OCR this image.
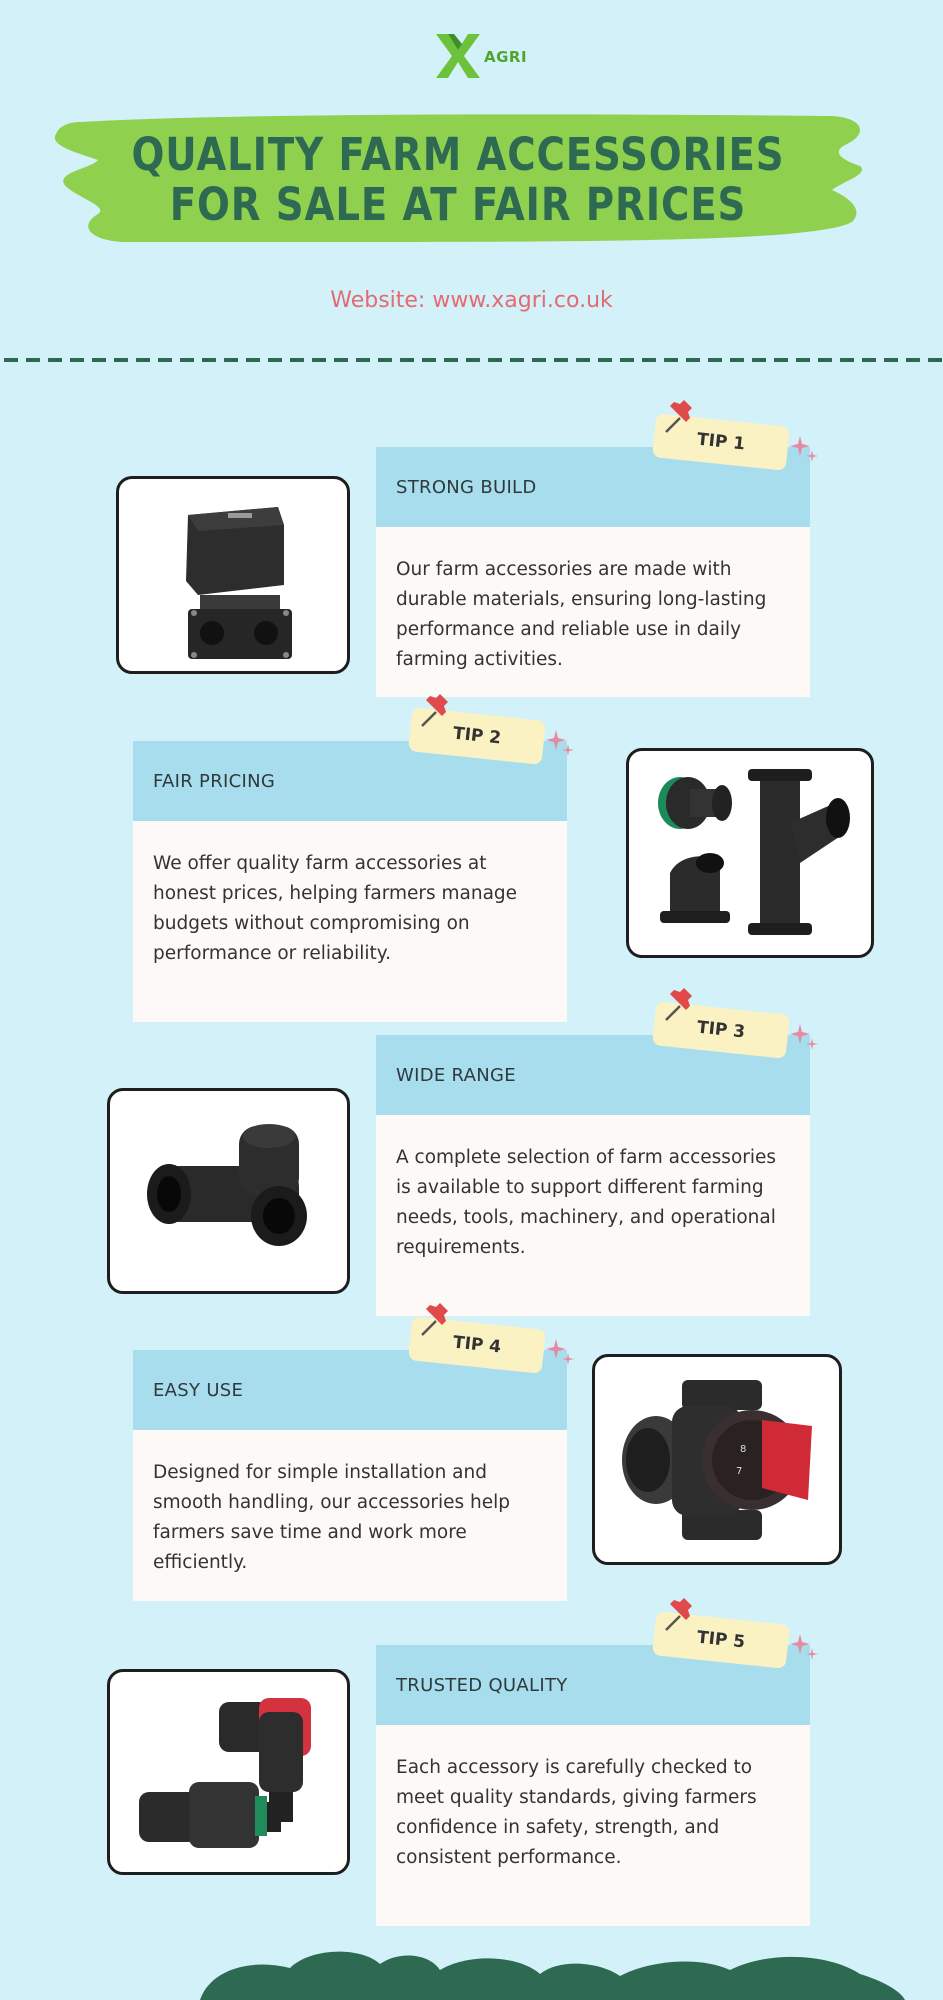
AGRI
QUALITY FARM ACCESSORIES
FOR SALE AT FAIR PRICES
Website: www.xagri.co.uk
STRONG BUILD
Our farm accessories are made with durable materials, ensuring long-lasting performance and reliable use in daily farming activities.
TIP 1
FAIR PRICING
We offer quality farm accessories at honest prices, helping farmers manage budgets without compromising on performance or reliability.
TIP 2
WIDE RANGE
A complete selection of farm accessories is available to support different farming needs, tools, machinery, and operational requirements.
TIP 3
EASY USE
Designed for simple installation and smooth handling, our accessories help farmers save time and work more efficiently.
TIP 4
8
7
TRUSTED QUALITY
Each accessory is carefully checked to meet quality standards, giving farmers confidence in safety, strength, and consistent performance.
TIP 5
